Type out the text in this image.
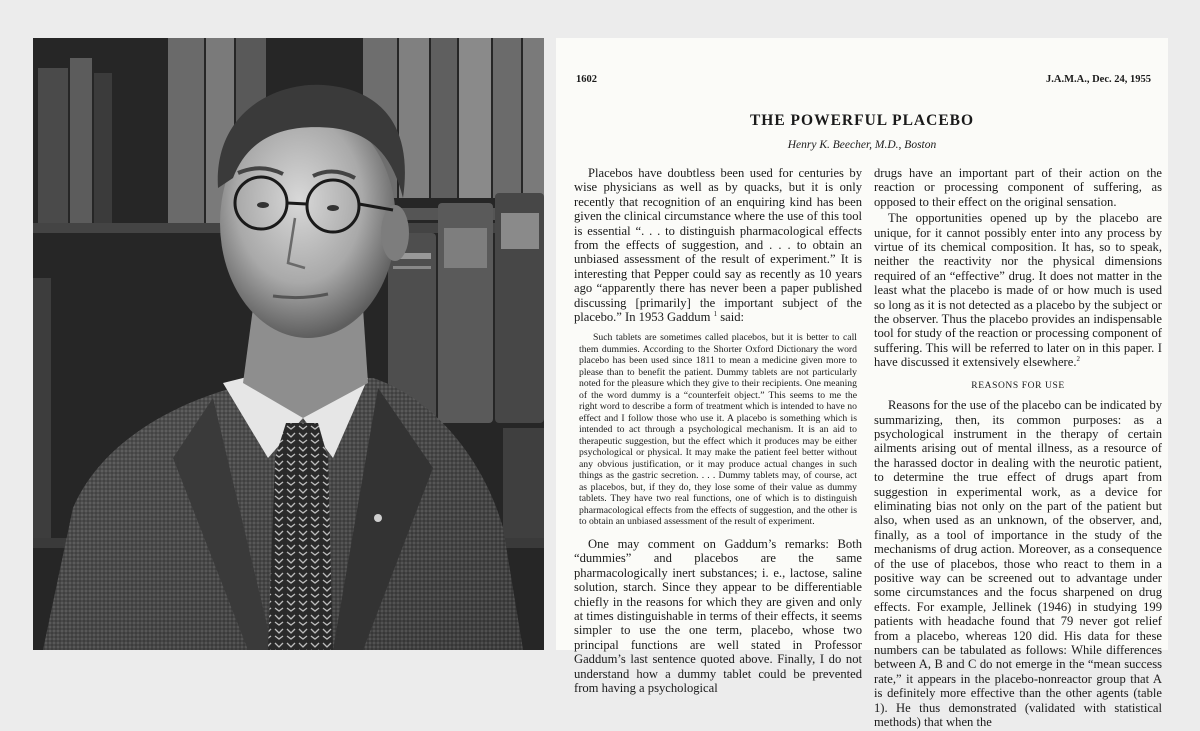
1602	J.A.M.A., Dec. 24, 1955
THE POWERFUL PLACEBO
Henry K. Beecher, M.D., Boston

Placebos have doubtless been used for centuries by wise physicians as well as by quacks, but it is only recently that recognition of an enquiring kind has been given the clinical circumstance where the use of this tool is essential “. . . to distinguish pharmacological effects from the effects of suggestion, and . . . to obtain an unbiased assessment of the result of experiment.” It is interesting that Pepper could say as recently as 10 years ago “apparently there has never been a paper published discussing [primarily] the important subject of the placebo.” In 1953 Gaddum $^1$ said:

Such tablets are sometimes called placebos, but it is better to call them dummies. According to the Shorter Oxford Dictionary the word placebo has been used since 1811 to mean a medicine given more to please than to benefit the patient. Dummy tablets are not particularly noted for the pleasure which they give to their recipients. One meaning of the word dummy is a “counterfeit object.” This seems to me the right word to describe a form of treatment which is intended to have no effect and I follow those who use it. A placebo is something which is intended to act through a psychological mechanism. It is an aid to therapeutic suggestion, but the effect which it produces may be either psychological or physical. It may make the patient feel better without any obvious justification, or it may produce actual changes in such things as the gastric secretion. . . . Dummy tablets may, of course, act as placebos, but, if they do, they lose some of their value as dummy tablets. They have two real functions, one of which is to distinguish pharmacological effects from the effects of suggestion, and the other is to obtain an unbiased assessment of the result of experiment.

One may comment on Gaddum’s remarks: Both “dummies” and placebos are the same pharmacologically inert substances; i. e., lactose, saline solution, starch. Since they appear to be differentiable chiefly in the reasons for which they are given and only at times distinguishable in terms of their effects, it seems simpler to use the one term, placebo, whose two principal functions are well stated in Professor Gaddum’s last sentence quoted above. Finally, I do not understand how a dummy tablet could be prevented from having a psychological

drugs have an important part of their action on the reaction or processing component of suffering, as opposed to their effect on the original sensation.

The opportunities opened up by the placebo are unique, for it cannot possibly enter into any process by virtue of its chemical composition. It has, so to speak, neither the reactivity nor the physical dimensions required of an “effective” drug. It does not matter in the least what the placebo is made of or how much is used so long as it is not detected as a placebo by the subject or the observer. Thus the placebo provides an indispensable tool for study of the reaction or processing component of suffering. This will be referred to later on in this paper. I have discussed it extensively elsewhere.$^2$

REASONS FOR USE

Reasons for the use of the placebo can be indicated by summarizing, then, its common purposes: as a psychological instrument in the therapy of certain ailments arising out of mental illness, as a resource of the harassed doctor in dealing with the neurotic patient, to determine the true effect of drugs apart from suggestion in experimental work, as a device for eliminating bias not only on the part of the patient but also, when used as an unknown, of the observer, and, finally, as a tool of importance in the study of the mechanisms of drug action. Moreover, as a consequence of the use of placebos, those who react to them in a positive way can be screened out to advantage under some circumstances and the focus sharpened on drug effects. For example, Jellinek (1946) in studying 199 patients with headache found that 79 never got relief from a placebo, whereas 120 did. His data for these numbers can be tabulated as follows: While differences between A, B and C do not emerge in the “mean success rate,” it appears in the placebo-nonreactor group that A is definitely more effective than the other agents (table 1). He thus demonstrated (validated with statistical methods) that when the
